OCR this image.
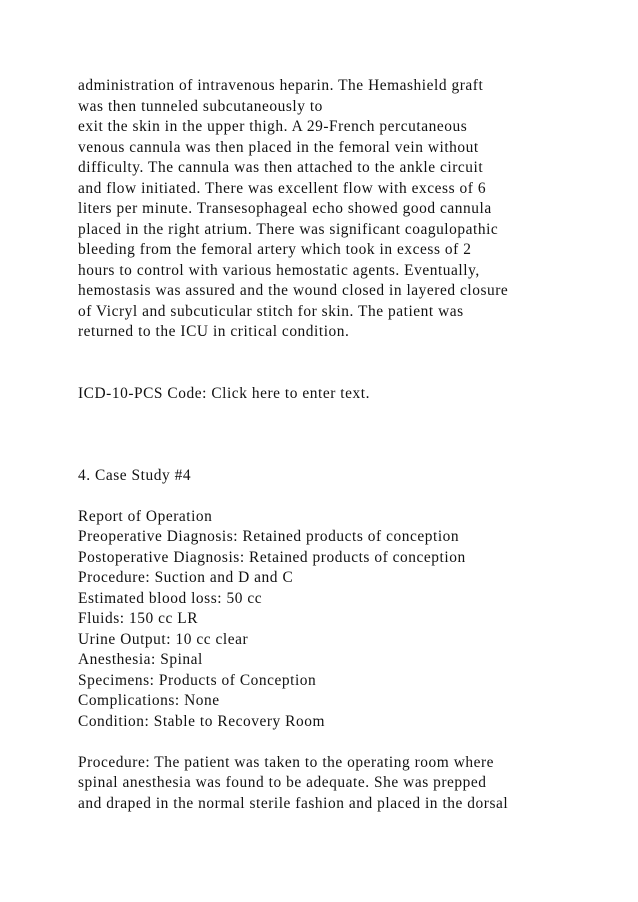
administration of intravenous heparin. The Hemashield graft
was then tunneled subcutaneously to
exit the skin in the upper thigh. A 29-French percutaneous
venous cannula was then placed in the femoral vein without
difficulty. The cannula was then attached to the ankle circuit
and flow initiated. There was excellent flow with excess of 6
liters per minute. Transesophageal echo showed good cannula
placed in the right atrium. There was significant coagulopathic
bleeding from the femoral artery which took in excess of 2
hours to control with various hemostatic agents. Eventually,
hemostasis was assured and the wound closed in layered closure
of Vicryl and subcuticular stitch for skin. The patient was
returned to the ICU in critical condition.
ICD-10-PCS Code: Click here to enter text.
4. Case Study #4
Report of Operation
Preoperative Diagnosis: Retained products of conception
Postoperative Diagnosis: Retained products of conception
Procedure: Suction and D and C
Estimated blood loss: 50 cc
Fluids: 150 cc LR
Urine Output: 10 cc clear
Anesthesia: Spinal
Specimens: Products of Conception
Complications: None
Condition: Stable to Recovery Room
Procedure: The patient was taken to the operating room where
spinal anesthesia was found to be adequate. She was prepped
and draped in the normal sterile fashion and placed in the dorsal
